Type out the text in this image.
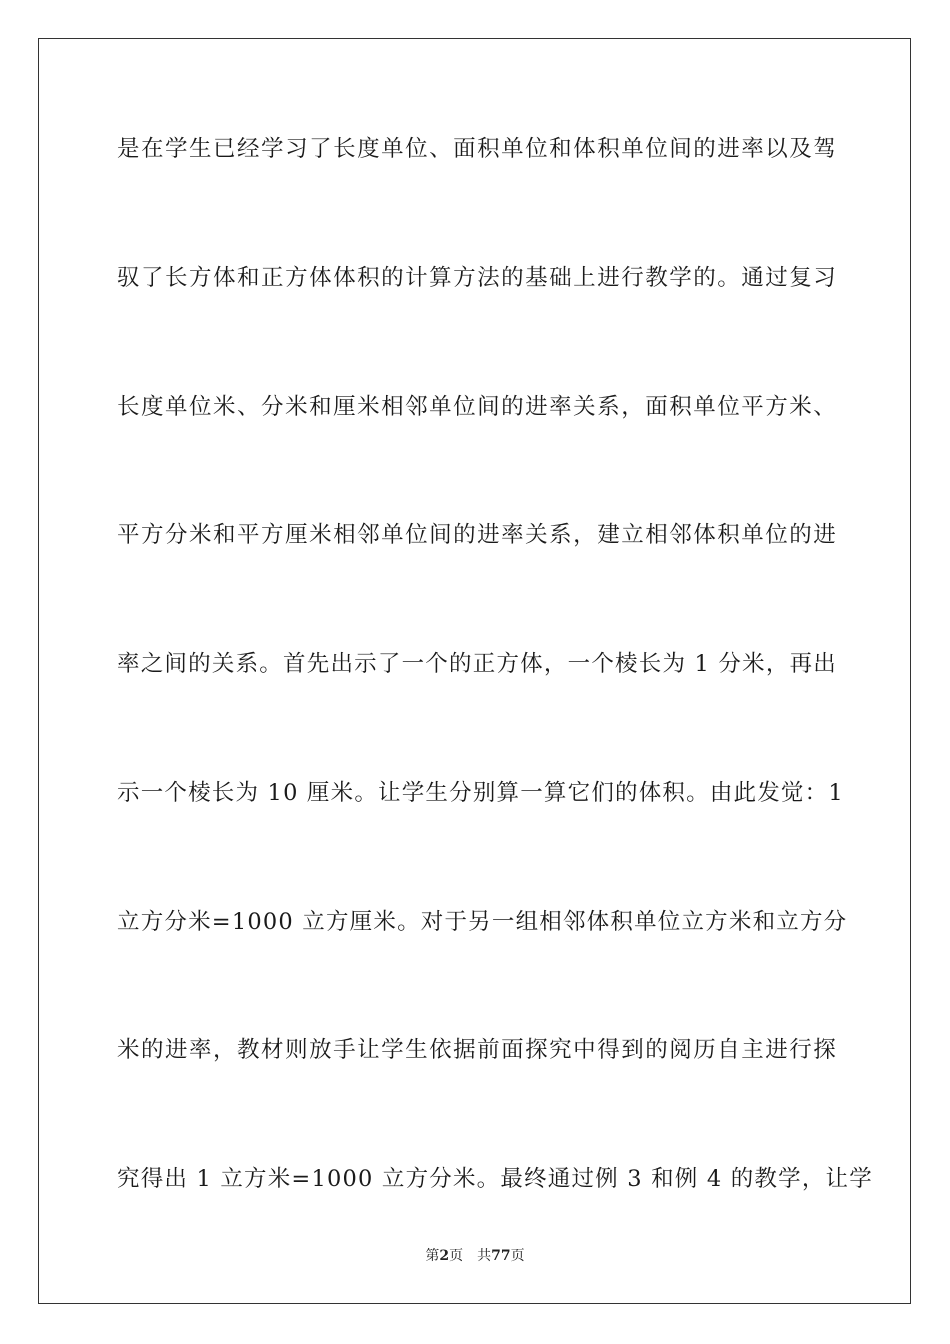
是在学生已经学习了长度单位、面积单位和体积单位间的进率以及驾
驭了长方体和正方体体积的计算方法的基础上进行教学的。通过复习
长度单位米、分米和厘米相邻单位间的进率关系，面积单位平方米、
平方分米和平方厘米相邻单位间的进率关系，建立相邻体积单位的进
率之间的关系。首先出示了一个的正方体，一个棱长为 1 分米，再出
示一个棱长为 10 厘米。让学生分别算一算它们的体积。由此发觉：1
立方分米=1000 立方厘米。对于另一组相邻体积单位立方米和立方分
米的进率，教材则放手让学生依据前面探究中得到的阅历自主进行探
究得出 1 立方米=1000 立方分米。最终通过例 3 和例 4 的教学，让学
第2页 共77页
